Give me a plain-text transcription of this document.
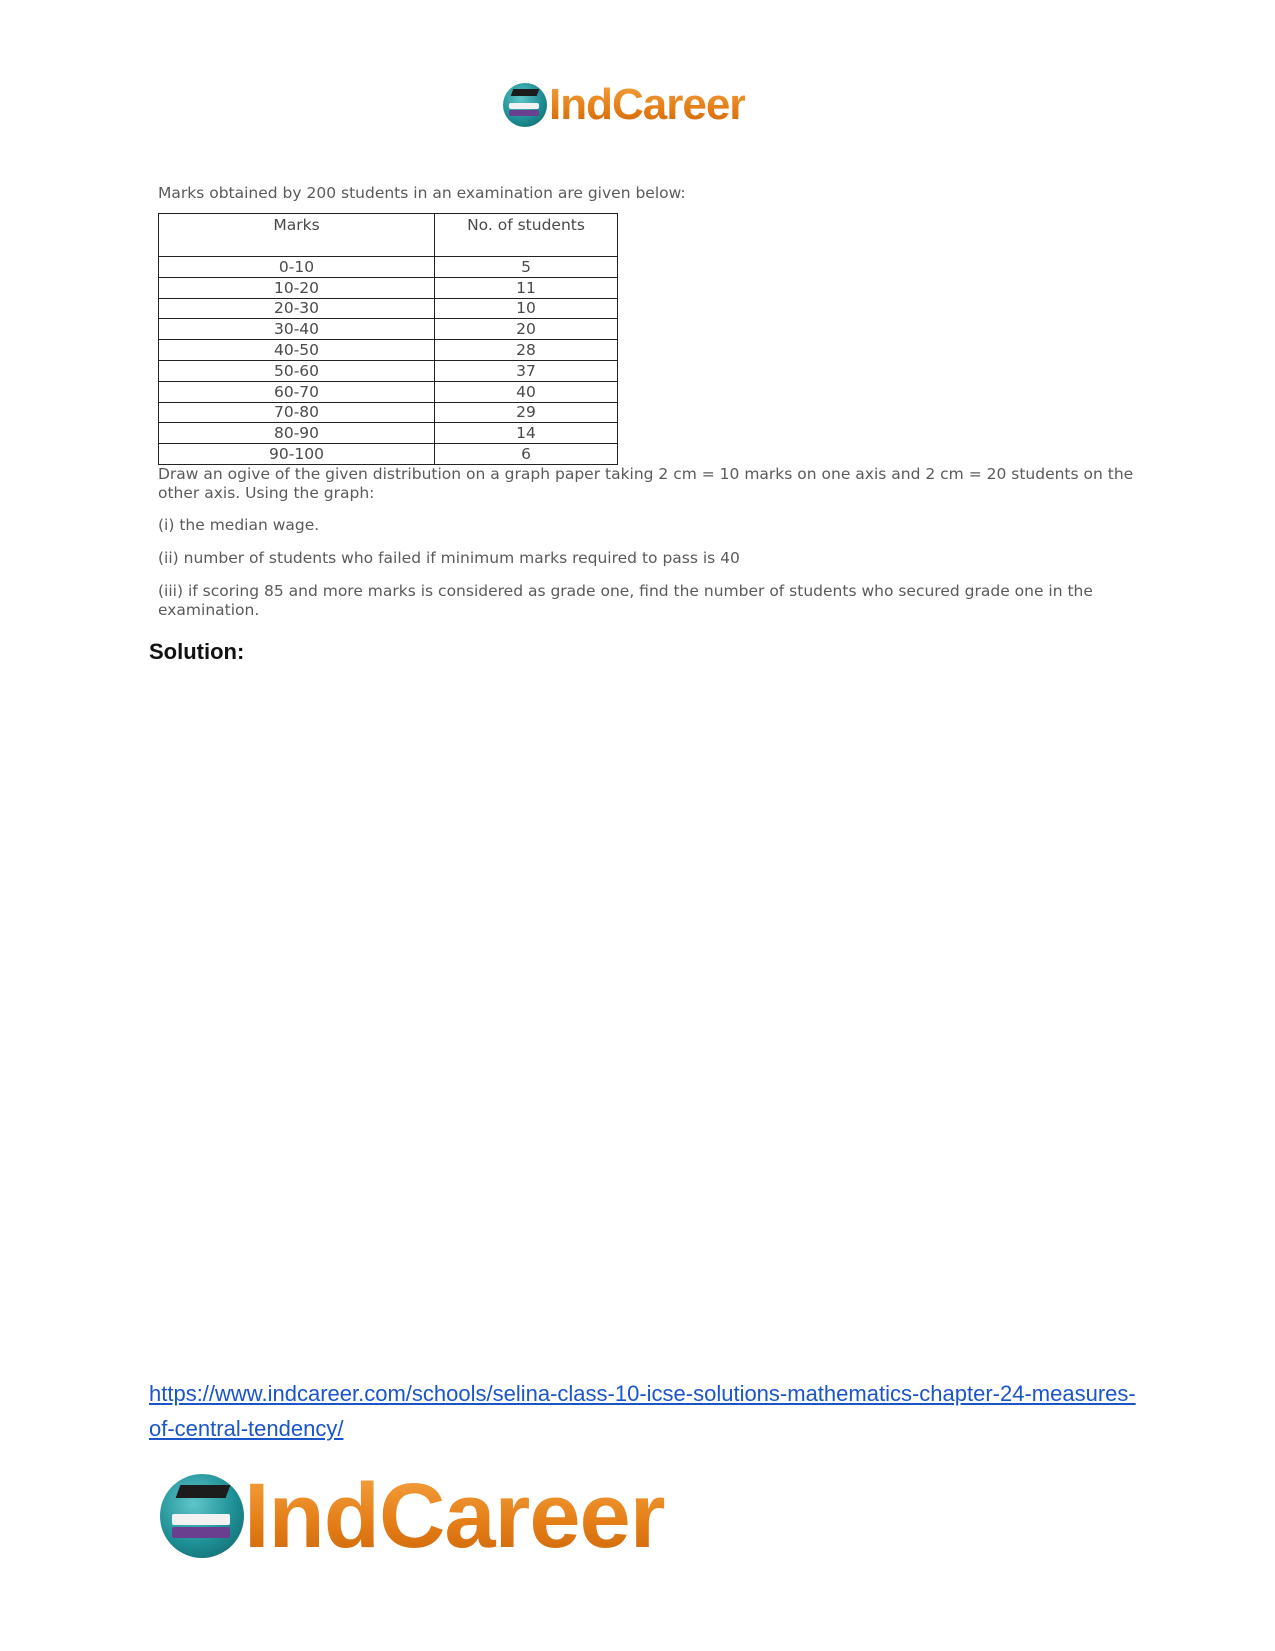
IndCareer

Marks obtained by 200 students in an examination are given below:

Marks	No. of students
0-10	5
10-20	11
20-30	10
30-40	20
40-50	28
50-60	37
60-70	40
70-80	29
80-90	14
90-100	6

Draw an ogive of the given distribution on a graph paper taking 2 cm = 10 marks on one axis and 2 cm = 20 students on the other axis. Using the graph:

(i) the median wage.

(ii) number of students who failed if minimum marks required to pass is 40

(iii) if scoring 85 and more marks is considered as grade one, find the number of students who secured grade one in the examination.

Solution:
https://www.indcareer.com/schools/selina-class-10-icse-solutions-mathematics-chapter-24-measures-of-central-tendency/
IndCareer
